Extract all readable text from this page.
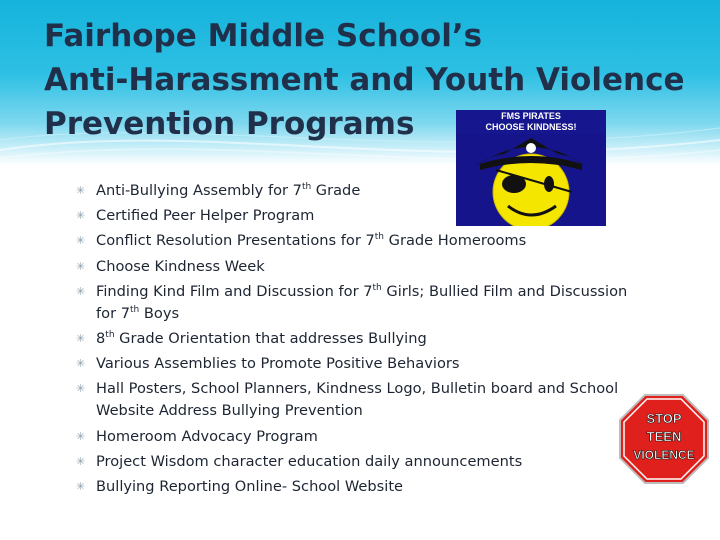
Fairhope Middle School’s
Anti-Harassment and Youth Violence
Prevention Programs	FMS PIRATES
CHOOSE KINDNESS!
✳ Anti-Bullying Assembly for 7th Grade
✳ Certified Peer Helper Program
✳ Conflict Resolution Presentations for 7th Grade Homerooms
✳ Choose Kindness Week
✳ Finding Kind Film and Discussion for 7th Girls; Bullied Film and Discussion for 7th Boys
✳ 8th Grade Orientation that addresses Bullying
✳ Various Assemblies to Promote Positive Behaviors
✳ Hall Posters, School Planners, Kindness Logo, Bulletin board and School Website Address Bullying Prevention
✳ Homeroom Advocacy Program
✳ Project Wisdom character education daily announcements
✳ Bullying Reporting Online- School Website
STOP
TEEN
VIOLENCE
